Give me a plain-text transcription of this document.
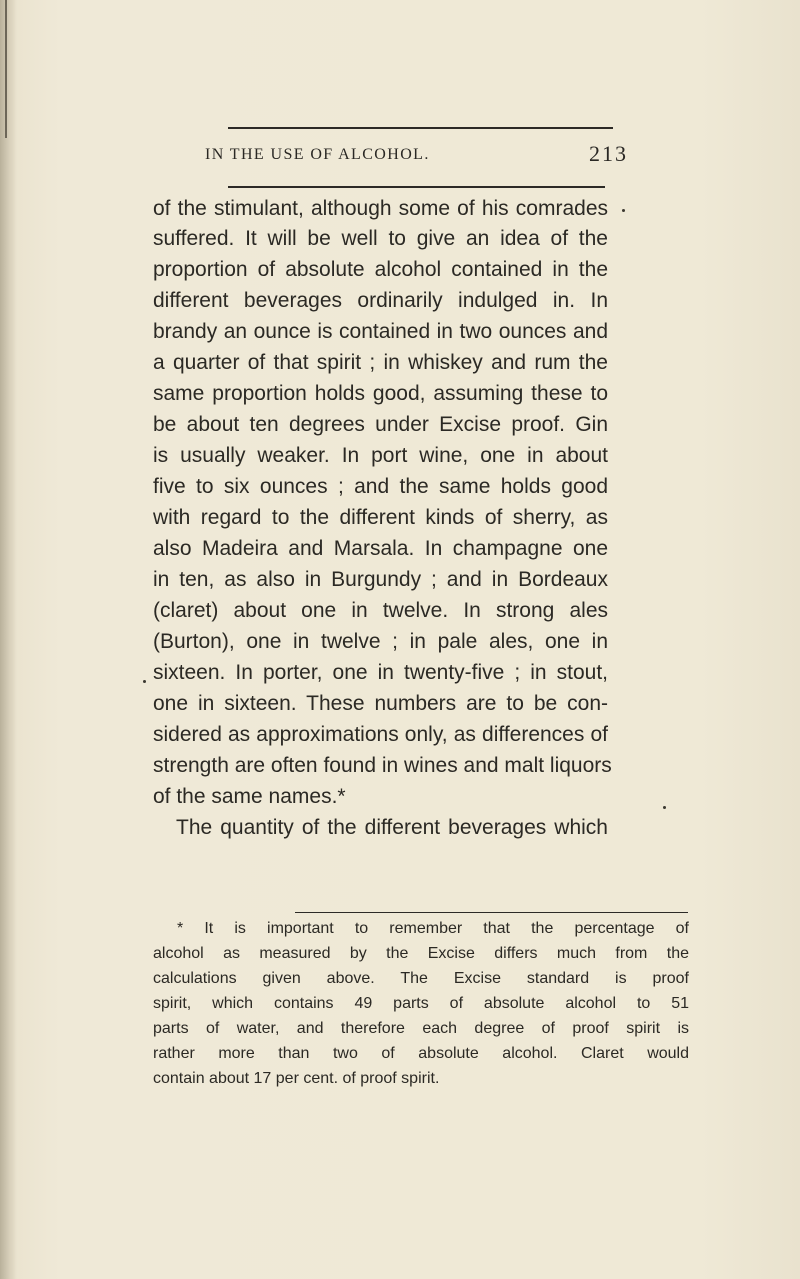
IN THE USE OF ALCOHOL.	213
of the stimulant, although some of his comrades
suffered. It will be well to give an idea of the
proportion of absolute alcohol contained in the
different beverages ordinarily indulged in. In
brandy an ounce is contained in two ounces and
a quarter of that spirit ; in whiskey and rum the
same proportion holds good, assuming these to
be about ten degrees under Excise proof. Gin
is usually weaker. In port wine, one in about
five to six ounces ; and the same holds good
with regard to the different kinds of sherry, as
also Madeira and Marsala. In champagne one
in ten, as also in Burgundy ; and in Bordeaux
(claret) about one in twelve. In strong ales
(Burton), one in twelve ; in pale ales, one in
sixteen. In porter, one in twenty-five ; in stout,
one in sixteen. These numbers are to be con-
sidered as approximations only, as differences of
strength are often found in wines and malt liquors
of the same names.*
The quantity of the different beverages which
* It is important to remember that the percentage of
alcohol as measured by the Excise differs much from the
calculations given above. The Excise standard is proof
spirit, which contains 49 parts of absolute alcohol to 51
parts of water, and therefore each degree of proof spirit is
rather more than two of absolute alcohol. Claret would
contain about 17 per cent. of proof spirit.
